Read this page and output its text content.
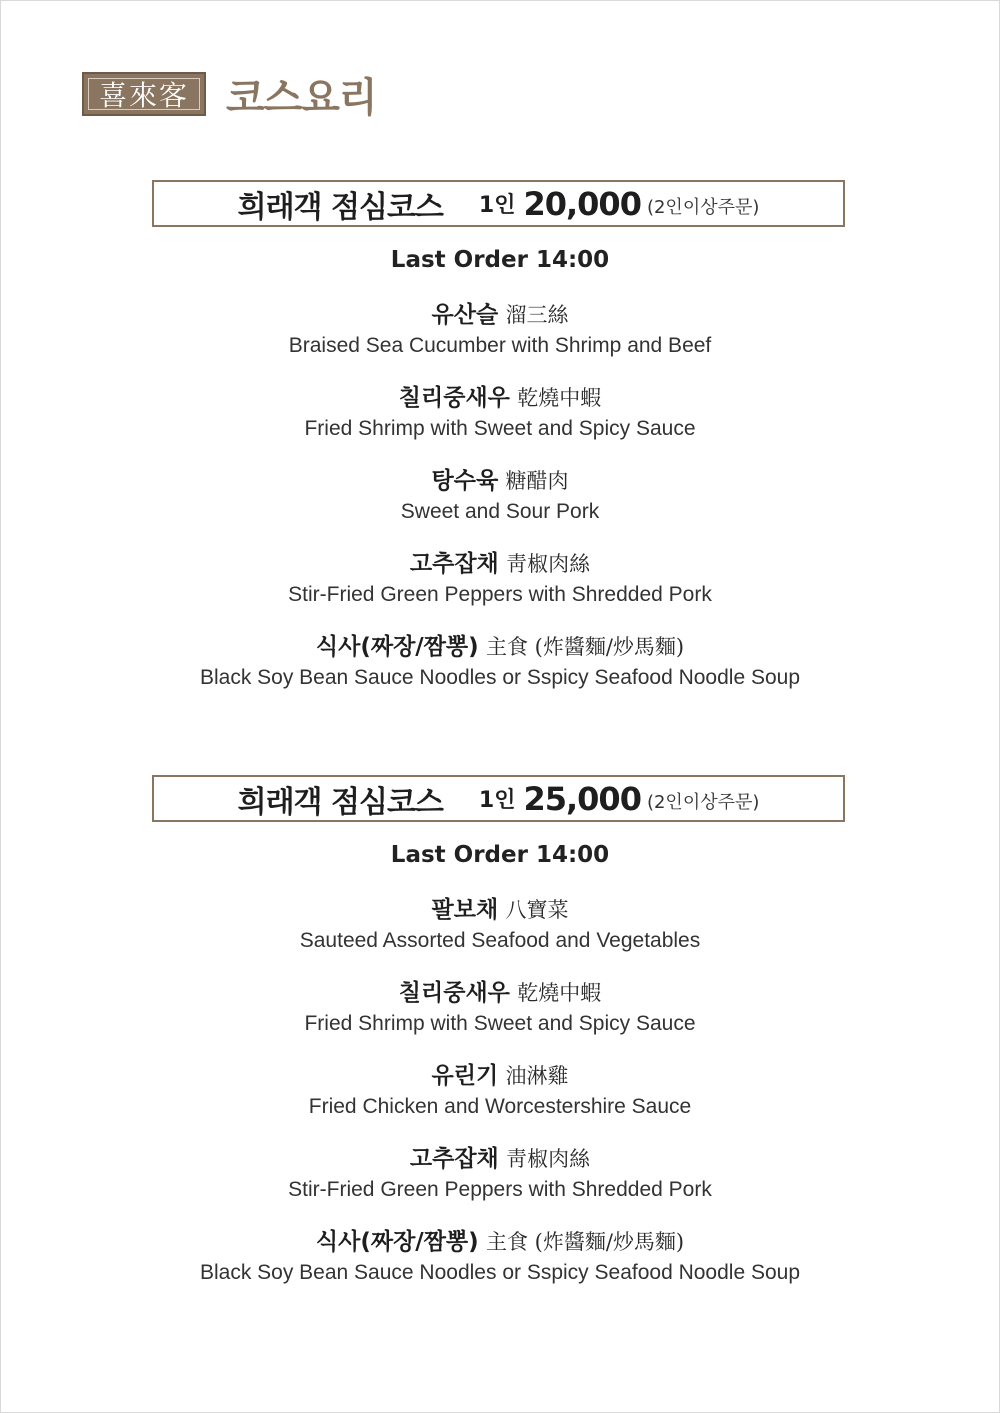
喜來客 코스요리
희래객 점심코스 1인 20,000 (2인이상주문)
Last Order 14:00
유산슬 溜三絲
Braised Sea Cucumber with Shrimp and Beef
칠리중새우 乾燒中蝦
Fried Shrimp with Sweet and Spicy Sauce
탕수육 糖醋肉
Sweet and Sour Pork
고추잡채 靑椒肉絲
Stir-Fried Green Peppers with Shredded Pork
식사(짜장/짬뽕) 主食 (炸醬麵/炒馬麵)
Black Soy Bean Sauce Noodles or Sspicy Seafood Noodle Soup
희래객 점심코스 1인 25,000 (2인이상주문)
Last Order 14:00
팔보채 八寶菜
Sauteed Assorted Seafood and Vegetables
칠리중새우 乾燒中蝦
Fried Shrimp with Sweet and Spicy Sauce
유린기 油淋雞
Fried Chicken and Worcestershire Sauce
고추잡채 靑椒肉絲
Stir-Fried Green Peppers with Shredded Pork
식사(짜장/짬뽕) 主食 (炸醬麵/炒馬麵)
Black Soy Bean Sauce Noodles or Sspicy Seafood Noodle Soup
